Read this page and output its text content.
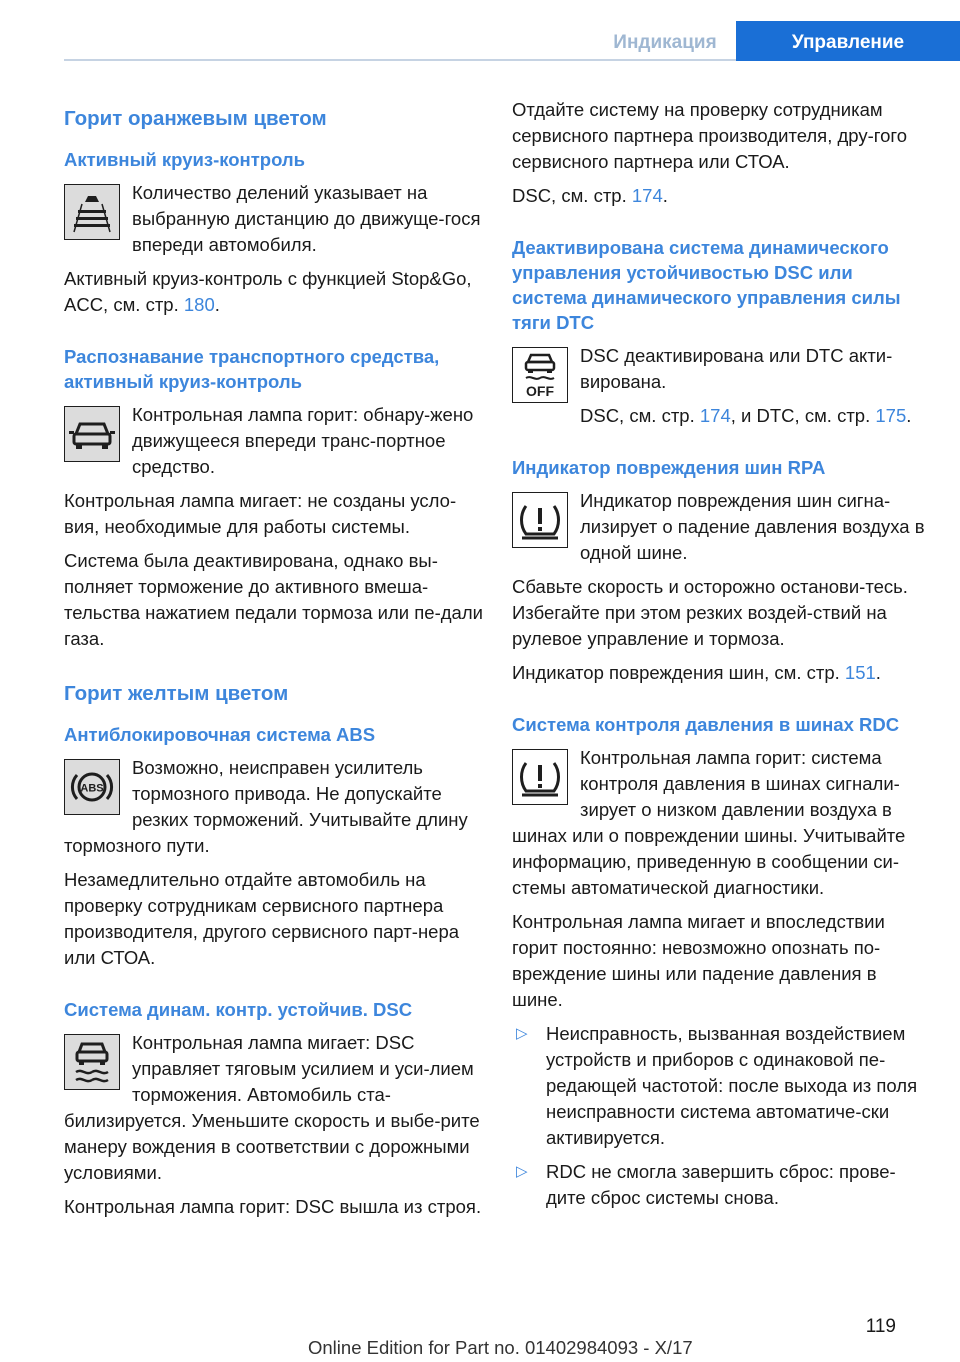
Индикация	Управление
Горит оранжевым цветом
Активный круиз-контроль

Количество делений указывает на выбранную дистанцию до движуще-гося впереди автомобиля.

Активный круиз-контроль с функцией Stop&Go, ACC, см. стр. 180.

Распознавание транспортного средства, активный круиз-контроль

Контрольная лампа горит: обнару-жено движущееся впереди транс-портное средство.

Контрольная лампа мигает: не созданы усло-вия, необходимые для работы системы.

Система была деактивирована, однако вы-полняет торможение до активного вмеша-тельства нажатием педали тормоза или пе-дали газа.

Горит желтым цветом
Антиблокировочная система ABS
ABS

Возможно, неисправен усилитель тормозного привода. Не допускайте резких торможений. Учитывайте длину тормозного пути.

Незамедлительно отдайте автомобиль на проверку сотрудникам сервисного партнера производителя, другого сервисного парт-нера или СТОА.

Система динам. контр. устойчив. DSC

Контрольная лампа мигает: DSC управляет тяговым усилием и уси-лием торможения. Автомобиль ста-билизируется. Уменьшите скорость и выбе-рите манеру вождения в соответствии с дорожными условиями.

Контрольная лампа горит: DSC вышла из строя.

Отдайте систему на проверку сотрудникам сервисного партнера производителя, дру-гого сервисного партнера или СТОА.

DSC, см. стр. 174.

Деактивирована система динамического управления устойчивостью DSC или система динамического управления силы тяги DTC
OFF

DSC деактивирована или DTC акти-вирована.

DSC, см. стр. 174, и DTC, см. стр. 175.

Индикатор повреждения шин RPA

Индикатор повреждения шин сигна-лизирует о падение давления воздуха в одной шине.

Сбавьте скорость и осторожно останови-тесь. Избегайте при этом резких воздей-ствий на рулевое управление и тормоза.

Индикатор повреждения шин, см. стр. 151.

Система контроля давления в шинах RDC

Контрольная лампа горит: система контроля давления в шинах сигнали-зирует о низком давлении воздуха в шинах или о повреждении шины. Учитывайте информацию, приведенную в сообщении си-стемы автоматической диагностики.

Контрольная лампа мигает и впоследствии горит постоянно: невозможно опознать по-вреждение шины или падение давления в шине.

▷ Неисправность, вызванная воздействием устройств и приборов с одинаковой пе-редающей частотой: после выхода из поля неисправности система автоматиче-ски активируется.
▷ RDC не смогла завершить сброс: прове-дите сброс системы снова.
119
Online Edition for Part no. 01402984093 - X/17
